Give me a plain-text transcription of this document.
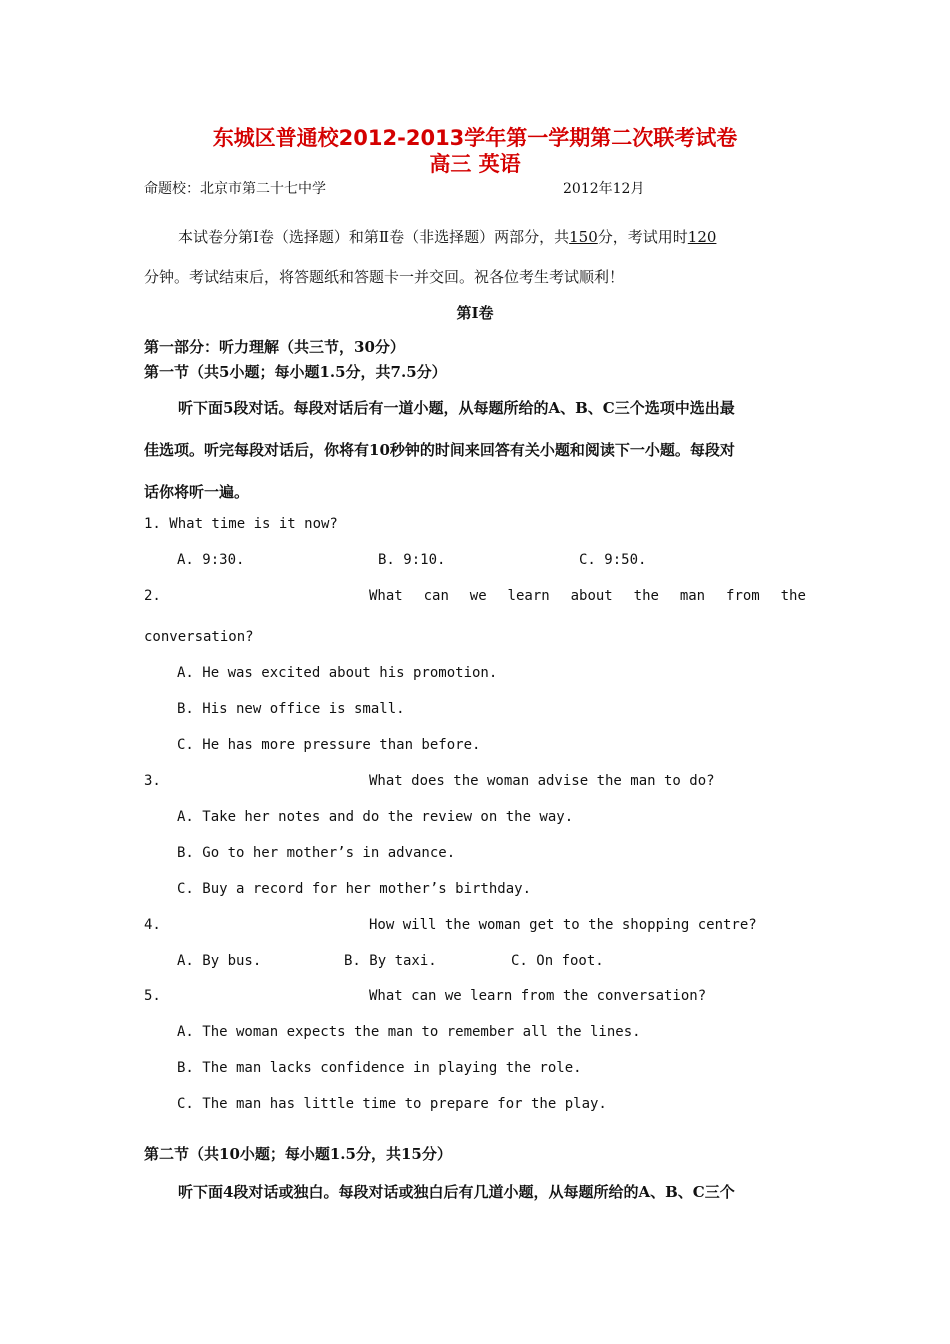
东城区普通校2012-2013学年第一学期第二次联考试卷
高三 英语
命题校：北京市第二十七中学	2012年12月
本试卷分第Ⅰ卷（选择题）和第Ⅱ卷（非选择题）两部分，共150分，考试用时120
分钟。考试结束后，将答题纸和答题卡一并交回。祝各位考生考试顺利！
第Ⅰ卷
第一部分：听力理解（共三节，30分）
第一节（共5小题；每小题1.5分，共7.5分）
听下面5段对话。每段对话后有一道小题，从每题所给的A、B、C三个选项中选出最
佳选项。听完每段对话后，你将有10秒钟的时间来回答有关小题和阅读下一小题。每段对
话你将听一遍。
1. What time is it now?
A. 9:30.	B. 9:10.	C. 9:50.
2.	What can we learn about the man from the
conversation?
A. He was excited about his promotion.
B. His new office is small.
C. He has more pressure than before.
3.	What does the woman advise the man to do?
A. Take her notes and do the review on the way.
B. Go to her mother’s in advance.
C. Buy a record for her mother’s birthday.
4.	How will the woman get to the shopping centre?
A. By bus.	B. By taxi.	C. On foot.
5.	What can we learn from the conversation?
A. The woman expects the man to remember all the lines.
B. The man lacks confidence in playing the role.
C. The man has little time to prepare for the play.
第二节（共10小题；每小题1.5分，共15分）
听下面4段对话或独白。每段对话或独白后有几道小题，从每题所给的A、B、C三个
